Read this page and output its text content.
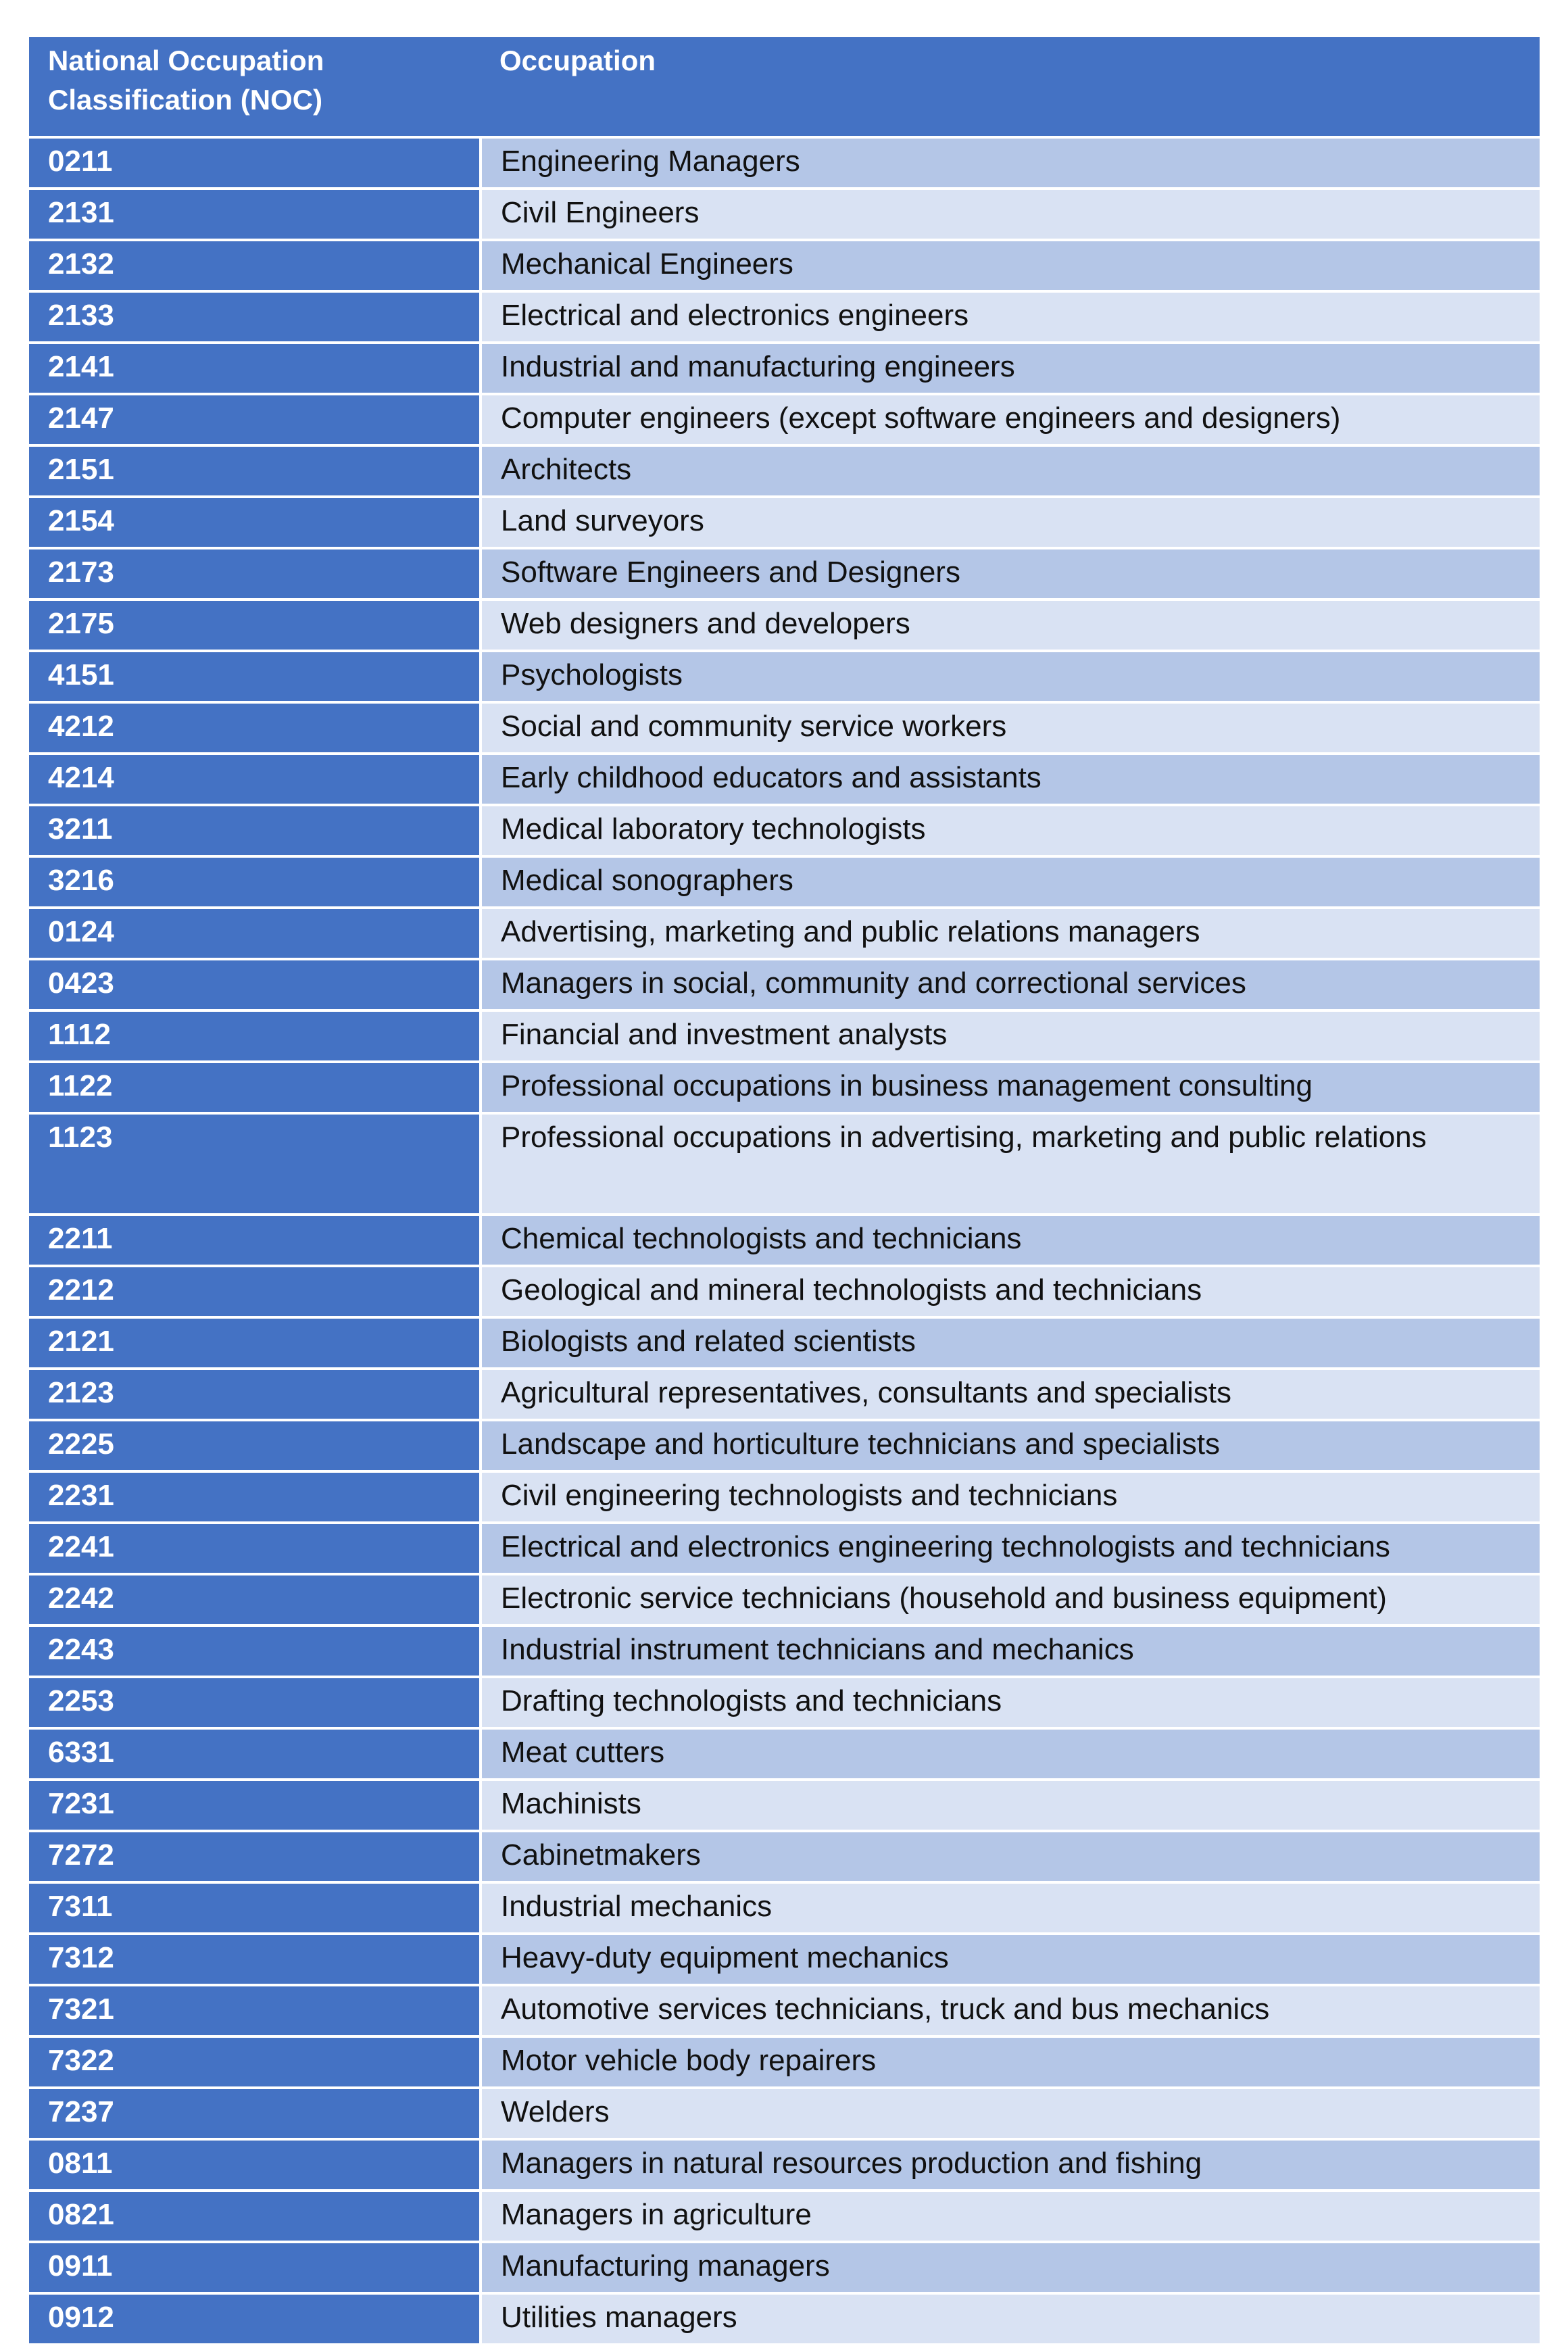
National Occupation Classification (NOC)	Occupation
0211	Engineering Managers
2131	Civil Engineers
2132	Mechanical Engineers
2133	Electrical and electronics engineers
2141	Industrial and manufacturing engineers
2147	Computer engineers (except software engineers and designers)
2151	Architects
2154	Land surveyors
2173	Software Engineers and Designers
2175	Web designers and developers
4151	Psychologists
4212	Social and community service workers
4214	Early childhood educators and assistants
3211	Medical laboratory technologists
3216	Medical sonographers
0124	Advertising, marketing and public relations managers
0423	Managers in social, community and correctional services
1112	Financial and investment analysts
1122	Professional occupations in business management consulting
1123	Professional occupations in advertising, marketing and public relations
2211	Chemical technologists and technicians
2212	Geological and mineral technologists and technicians
2121	Biologists and related scientists
2123	Agricultural representatives, consultants and specialists
2225	Landscape and horticulture technicians and specialists
2231	Civil engineering technologists and technicians
2241	Electrical and electronics engineering technologists and technicians
2242	Electronic service technicians (household and business equipment)
2243	Industrial instrument technicians and mechanics
2253	Drafting technologists and technicians
6331	Meat cutters
7231	Machinists
7272	Cabinetmakers
7311	Industrial mechanics
7312	Heavy-duty equipment mechanics
7321	Automotive services technicians, truck and bus mechanics
7322	Motor vehicle body repairers
7237	Welders
0811	Managers in natural resources production and fishing
0821	Managers in agriculture
0911	Manufacturing managers
0912	Utilities managers
